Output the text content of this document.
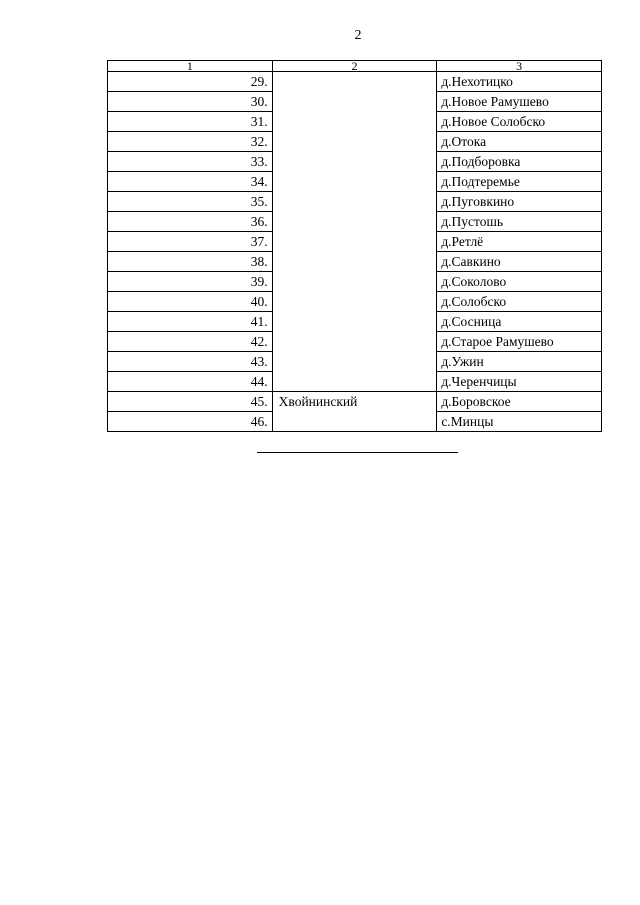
2
1	2	3
29.		д.Нехотицко
30.		д.Новое Рамушево
31.		д.Новое Солобско
32.		д.Отока
33.		д.Подборовка
34.		д.Подтеремье
35.		д.Пуговкино
36.		д.Пустошь
37.		д.Ретлё
38.		д.Савкино
39.		д.Соколово
40.		д.Солобско
41.		д.Сосница
42.		д.Старое Рамушево
43.		д.Ужин
44.		д.Черенчицы
45.	Хвойнинский	д.Боровское
46.		с.Минцы
